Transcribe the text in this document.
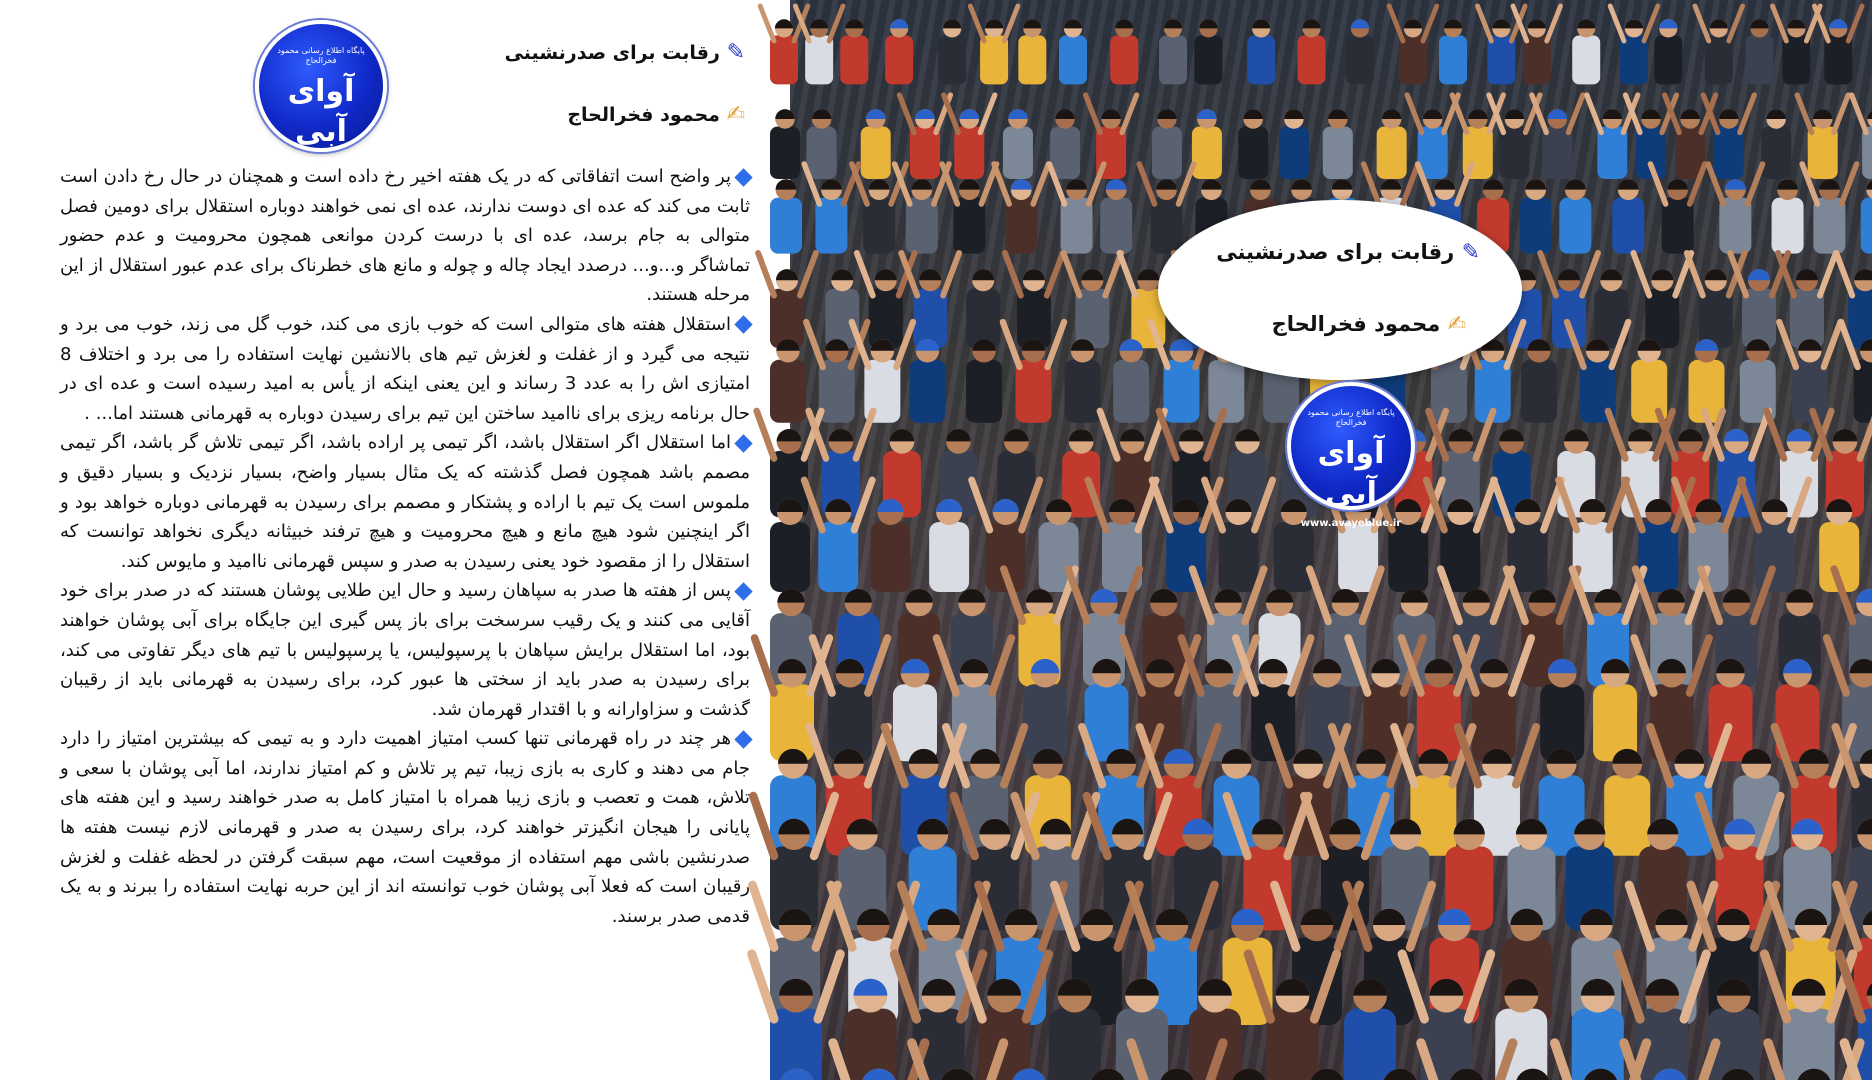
پایگاه اطلاع رسانی محمود فخرالحاج
آوای آبی
www.avayeblue.ir
✎ رقابت برای صدرنشینی
✍ محمود فخرالحاج

پر واضح است اتفاقاتی که در یک هفته اخیر رخ داده است و همچنان در حال رخ دادن است ثابت می کند که عده ای دوست ندارند، عده ای نمی خواهند دوباره استقلال برای دومین فصل متوالی به جام برسد، عده ای با درست کردن موانعی همچون محرومیت و عدم حضور تماشاگر و...و... درصدد ایجاد چاله و چوله و مانع های خطرناک برای عدم عبور استقلال از این مرحله هستند.

استقلال هفته های متوالی است که خوب بازی می کند، خوب گل می زند، خوب می برد و نتیجه می گیرد و از غفلت و لغزش تیم های بالانشین نهایت استفاده را می برد و اختلاف 8 امتیازی اش را به عدد 3 رساند و این یعنی اینکه از یأس به امید رسیده است و عده ای در حال برنامه ریزی برای ناامید ساختن این تیم برای رسیدن دوباره به قهرمانی هستند اما... .

اما استقلال اگر استقلال باشد، اگر تیمی پر اراده باشد، اگر تیمی تلاش گر باشد، اگر تیمی مصمم باشد همچون فصل گذشته که یک مثال بسیار واضح، بسیار نزدیک و بسیار دقیق و ملموس است یک تیم با اراده و پشتکار و مصمم برای رسیدن به قهرمانی دوباره خواهد بود و اگر اینچنین شود هیچ مانع و هیچ محرومیت و هیچ ترفند خبیثانه دیگری نخواهد توانست که استقلال را از مقصود خود یعنی رسیدن به صدر و سپس قهرمانی ناامید و مایوس کند.

پس از هفته ها صدر به سپاهان رسید و حال این طلایی پوشان هستند که در صدر برای خود آقایی می کنند و یک رقیب سرسخت برای باز پس گیری این جایگاه برای آبی پوشان خواهند بود، اما استقلال برایش سپاهان با پرسپولیس، یا پرسپولیس با تیم های دیگر تفاوتی می کند، برای رسیدن به صدر باید از سختی ها عبور کرد، برای رسیدن به قهرمانی باید از رقیبان گذشت و سزاوارانه و با اقتدار قهرمان شد.

هر چند در راه قهرمانی تنها کسب امتیاز اهمیت دارد و به تیمی که بیشترین امتیاز را دارد جام می دهند و کاری به بازی زیبا، تیم پر تلاش و کم امتیاز ندارند، اما آبی پوشان با سعی و تلاش، همت و تعصب و بازی زیبا همراه با امتیاز کامل به صدر خواهند رسید و این هفته های پایانی را هیجان انگیزتر خواهند کرد، برای رسیدن به صدر و قهرمانی لازم نیست هفته ها صدرنشین باشی مهم استفاده از موقعیت است، مهم سبقت گرفتن در لحظه غفلت و لغزش رقیبان است که فعلا آبی پوشان خوب توانسته اند از این حربه نهایت استفاده را ببرند و به یک قدمی صدر برسند.

✎ رقابت برای صدرنشینی
✍ محمود فخرالحاج
پایگاه اطلاع رسانی محمود فخرالحاج
آوای آبی
www.avayeblue.ir
